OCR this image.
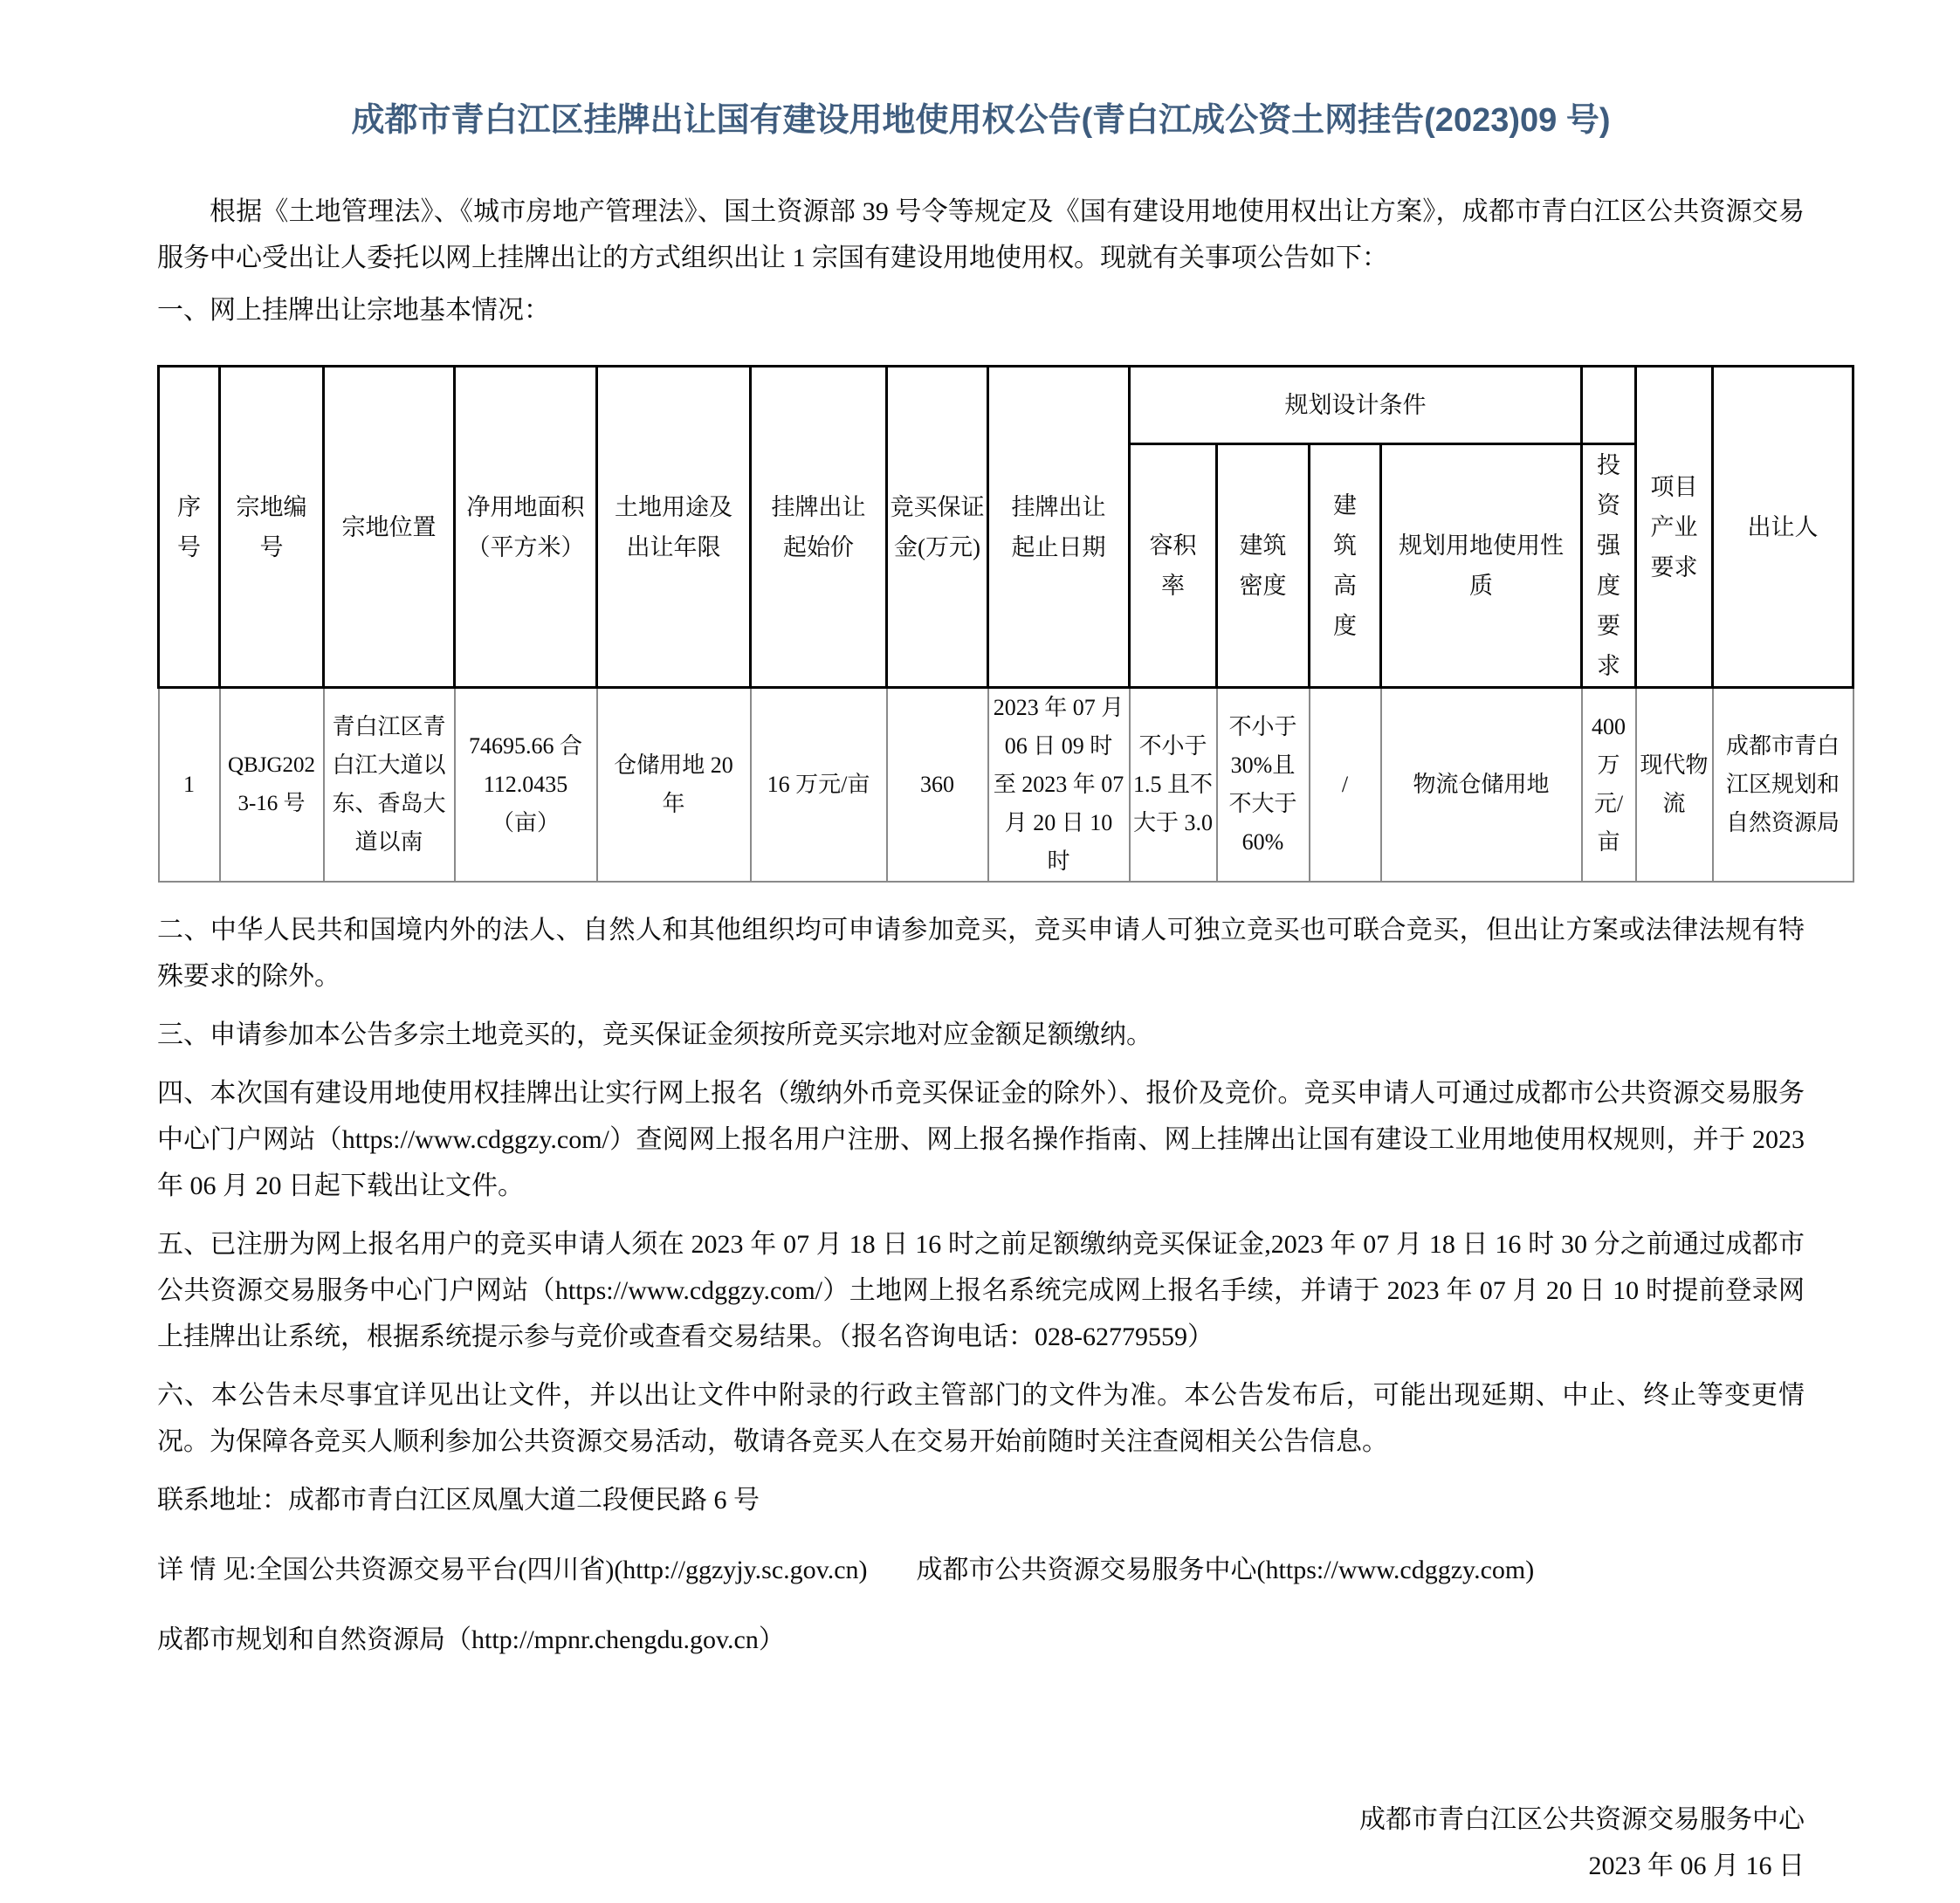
成都市青白江区挂牌出让国有建设用地使用权公告(青白江成公资土网挂告(2023)09 号)

根据《土地管理法》、《城市房地产管理法》、国土资源部 39 号令等规定及《国有建设用地使用权出让方案》，成都市青白江区公共资源交易服务中心受出让人委托以网上挂牌出让的方式组织出让 1 宗国有建设用地使用权。现就有关事项公告如下：

一、网上挂牌出让宗地基本情况：

序号	宗地编号	宗地位置	净用地面积（平方米）	土地用途及出让年限	挂牌出让起始价	竞买保证金(万元)	挂牌出让起止日期	规划设计条件					项目产业要求	出让人
								容积率	建筑密度	建筑高度	规划用地使用性质	投资强度要求		
1	QBJG2023-16 号	青白江区青白江大道以东、香岛大道以南	74695.66 合 112.0435（亩）	仓储用地 20 年	16 万元/亩	360	2023 年 07 月 06 日 09 时 至 2023 年 07 月 20 日 10 时	不小于 1.5 且不大于 3.0	不小于 30%且不大于 60%	/	物流仓储用地	400 万元/亩	现代物流	成都市青白江区规划和自然资源局

二、中华人民共和国境内外的法人、自然人和其他组织均可申请参加竞买，竞买申请人可独立竞买也可联合竞买，但出让方案或法律法规有特殊要求的除外。

三、申请参加本公告多宗土地竞买的，竞买保证金须按所竞买宗地对应金额足额缴纳。

四、本次国有建设用地使用权挂牌出让实行网上报名（缴纳外币竞买保证金的除外）、报价及竞价。竞买申请人可通过成都市公共资源交易服务中心门户网站（https://www.cdggzy.com/）查阅网上报名用户注册、网上报名操作指南、网上挂牌出让国有建设工业用地使用权规则，并于 2023 年 06 月 20 日起下载出让文件。

五、已注册为网上报名用户的竞买申请人须在 2023 年 07 月 18 日 16 时之前足额缴纳竞买保证金,2023 年 07 月 18 日 16 时 30 分之前通过成都市公共资源交易服务中心门户网站（https://www.cdggzy.com/）土地网上报名系统完成网上报名手续，并请于 2023 年 07 月 20 日 10 时提前登录网上挂牌出让系统，根据系统提示参与竞价或查看交易结果。（报名咨询电话：028-62779559）

六、本公告未尽事宜详见出让文件，并以出让文件中附录的行政主管部门的文件为准。本公告发布后，可能出现延期、中止、终止等变更情况。为保障各竞买人顺利参加公共资源交易活动，敬请各竞买人在交易开始前随时关注查阅相关公告信息。

联系地址：成都市青白江区凤凰大道二段便民路 6 号

详 情 见:全国公共资源交易平台(四川省)(http://ggzyjy.sc.gov.cn) 成都市公共资源交易服务中心(https://www.cdggzy.com)

成都市规划和自然资源局（http://mpnr.chengdu.gov.cn）

成都市青白江区公共资源交易服务中心

2023 年 06 月 16 日
